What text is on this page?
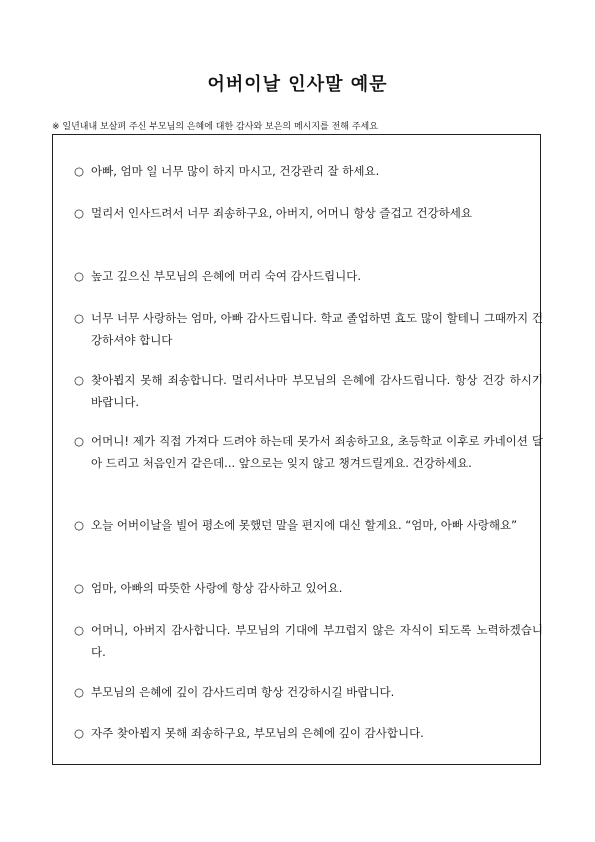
어버이날 인사말 예문
※ 일년내내 보살펴 주신 부모님의 은혜에 대한 감사와 보은의 메시지를 전해 주세요
○ 아빠, 엄마 일 너무 많이 하지 마시고, 건강관리 잘 하세요.
○ 멀리서 인사드려서 너무 죄송하구요, 아버지, 어머니 항상 즐겁고 건강하세요
○ 높고 깊으신 부모님의 은혜에 머리 숙여 감사드립니다.
○ 너무 너무 사랑하는 엄마, 아빠 감사드립니다. 학교 졸업하면 효도 많이 할테니 그때까지 건강하셔야 합니다
○ 찾아뵙지 못해 죄송합니다. 멀리서나마 부모님의 은혜에 감사드립니다. 항상 건강 하시기 바랍니다.
○ 어머니! 제가 직접 가져다 드려야 하는데 못가서 죄송하고요, 초등학교 이후로 카네이션 달아 드리고 처음인거 같은데... 앞으로는 잊지 않고 챙겨드릴게요. 건강하세요.
○ 오늘 어버이날을 빌어 평소에 못했던 말을 편지에 대신 할게요. “엄마, 아빠 사랑해요”
○ 엄마, 아빠의 따뜻한 사랑에 항상 감사하고 있어요.
○ 어머니, 아버지 감사합니다. 부모님의 기대에 부끄럽지 않은 자식이 되도록 노력하겠습니다.
○ 부모님의 은혜에 깊이 감사드리며 항상 건강하시길 바랍니다.
○ 자주 찾아뵙지 못해 죄송하구요, 부모님의 은혜에 깊이 감사합니다.
